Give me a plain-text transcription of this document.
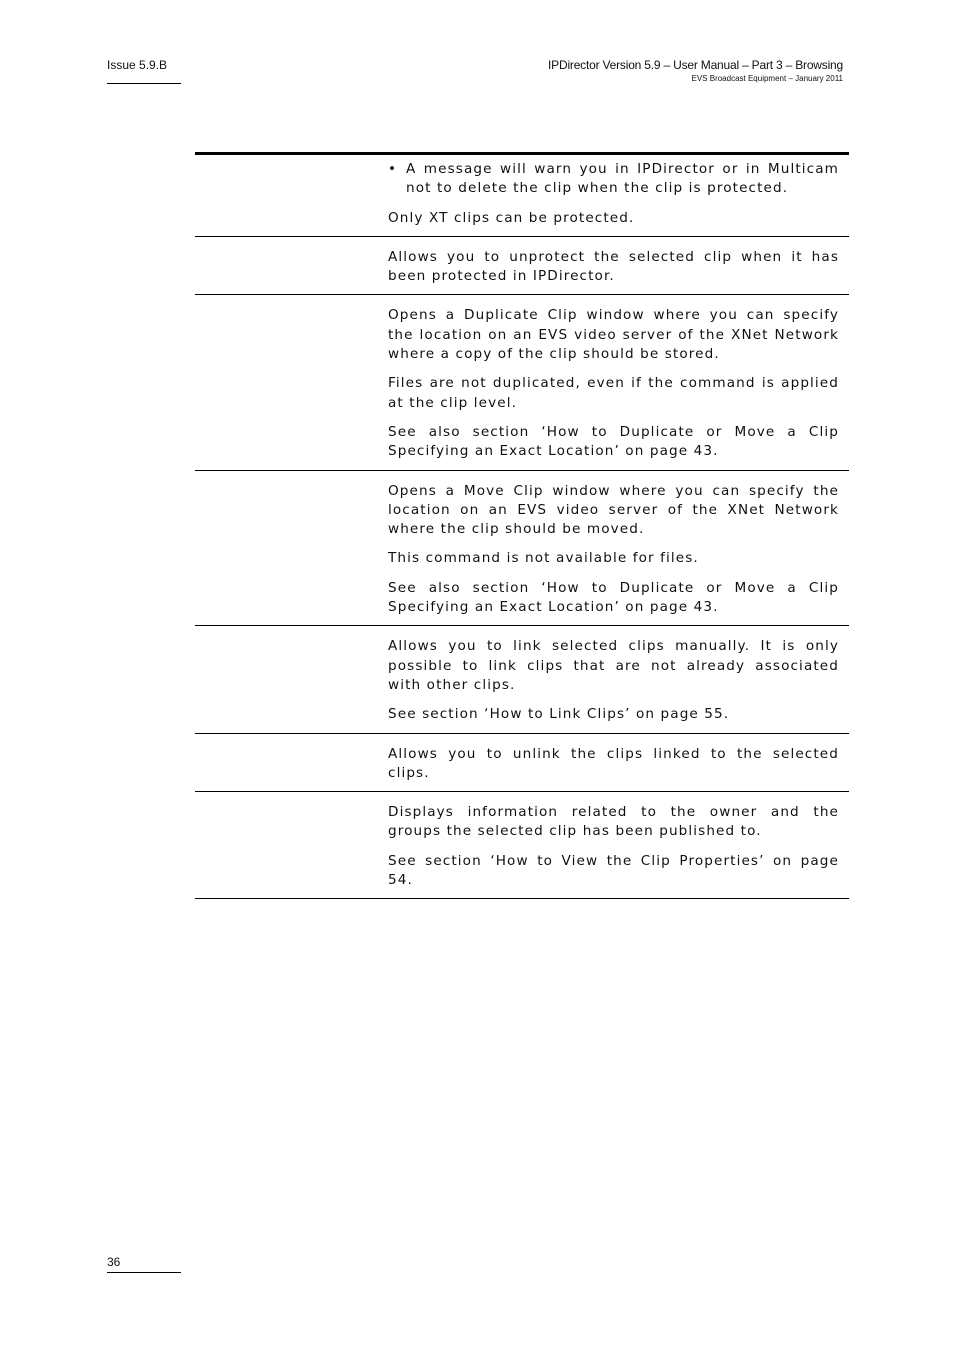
Issue 5.9.B	IPDirector Version 5.9 – User Manual – Part 3 – Browsing
EVS Broadcast Equipment – January 2011
• A message will warn you in IPDirector or in Multicam not to delete the clip when the clip is protected.

Only XT clips can be protected.

Allows you to unprotect the selected clip when it has been protected in IPDirector.

Opens a Duplicate Clip window where you can specify the location on an EVS video server of the XNet Network where a copy of the clip should be stored.

Files are not duplicated, even if the command is applied at the clip level.

See also section ‘How to Duplicate or Move a Clip Specifying an Exact Location’ on page 43.

Opens a Move Clip window where you can specify the location on an EVS video server of the XNet Network where the clip should be moved.

This command is not available for files.

See also section ‘How to Duplicate or Move a Clip Specifying an Exact Location’ on page 43.

Allows you to link selected clips manually. It is only possible to link clips that are not already associated with other clips.

See section ‘How to Link Clips’ on page 55.

Allows you to unlink the clips linked to the selected clips.

Displays information related to the owner and the groups the selected clip has been published to.

See section ‘How to View the Clip Properties’ on page 54.

36
